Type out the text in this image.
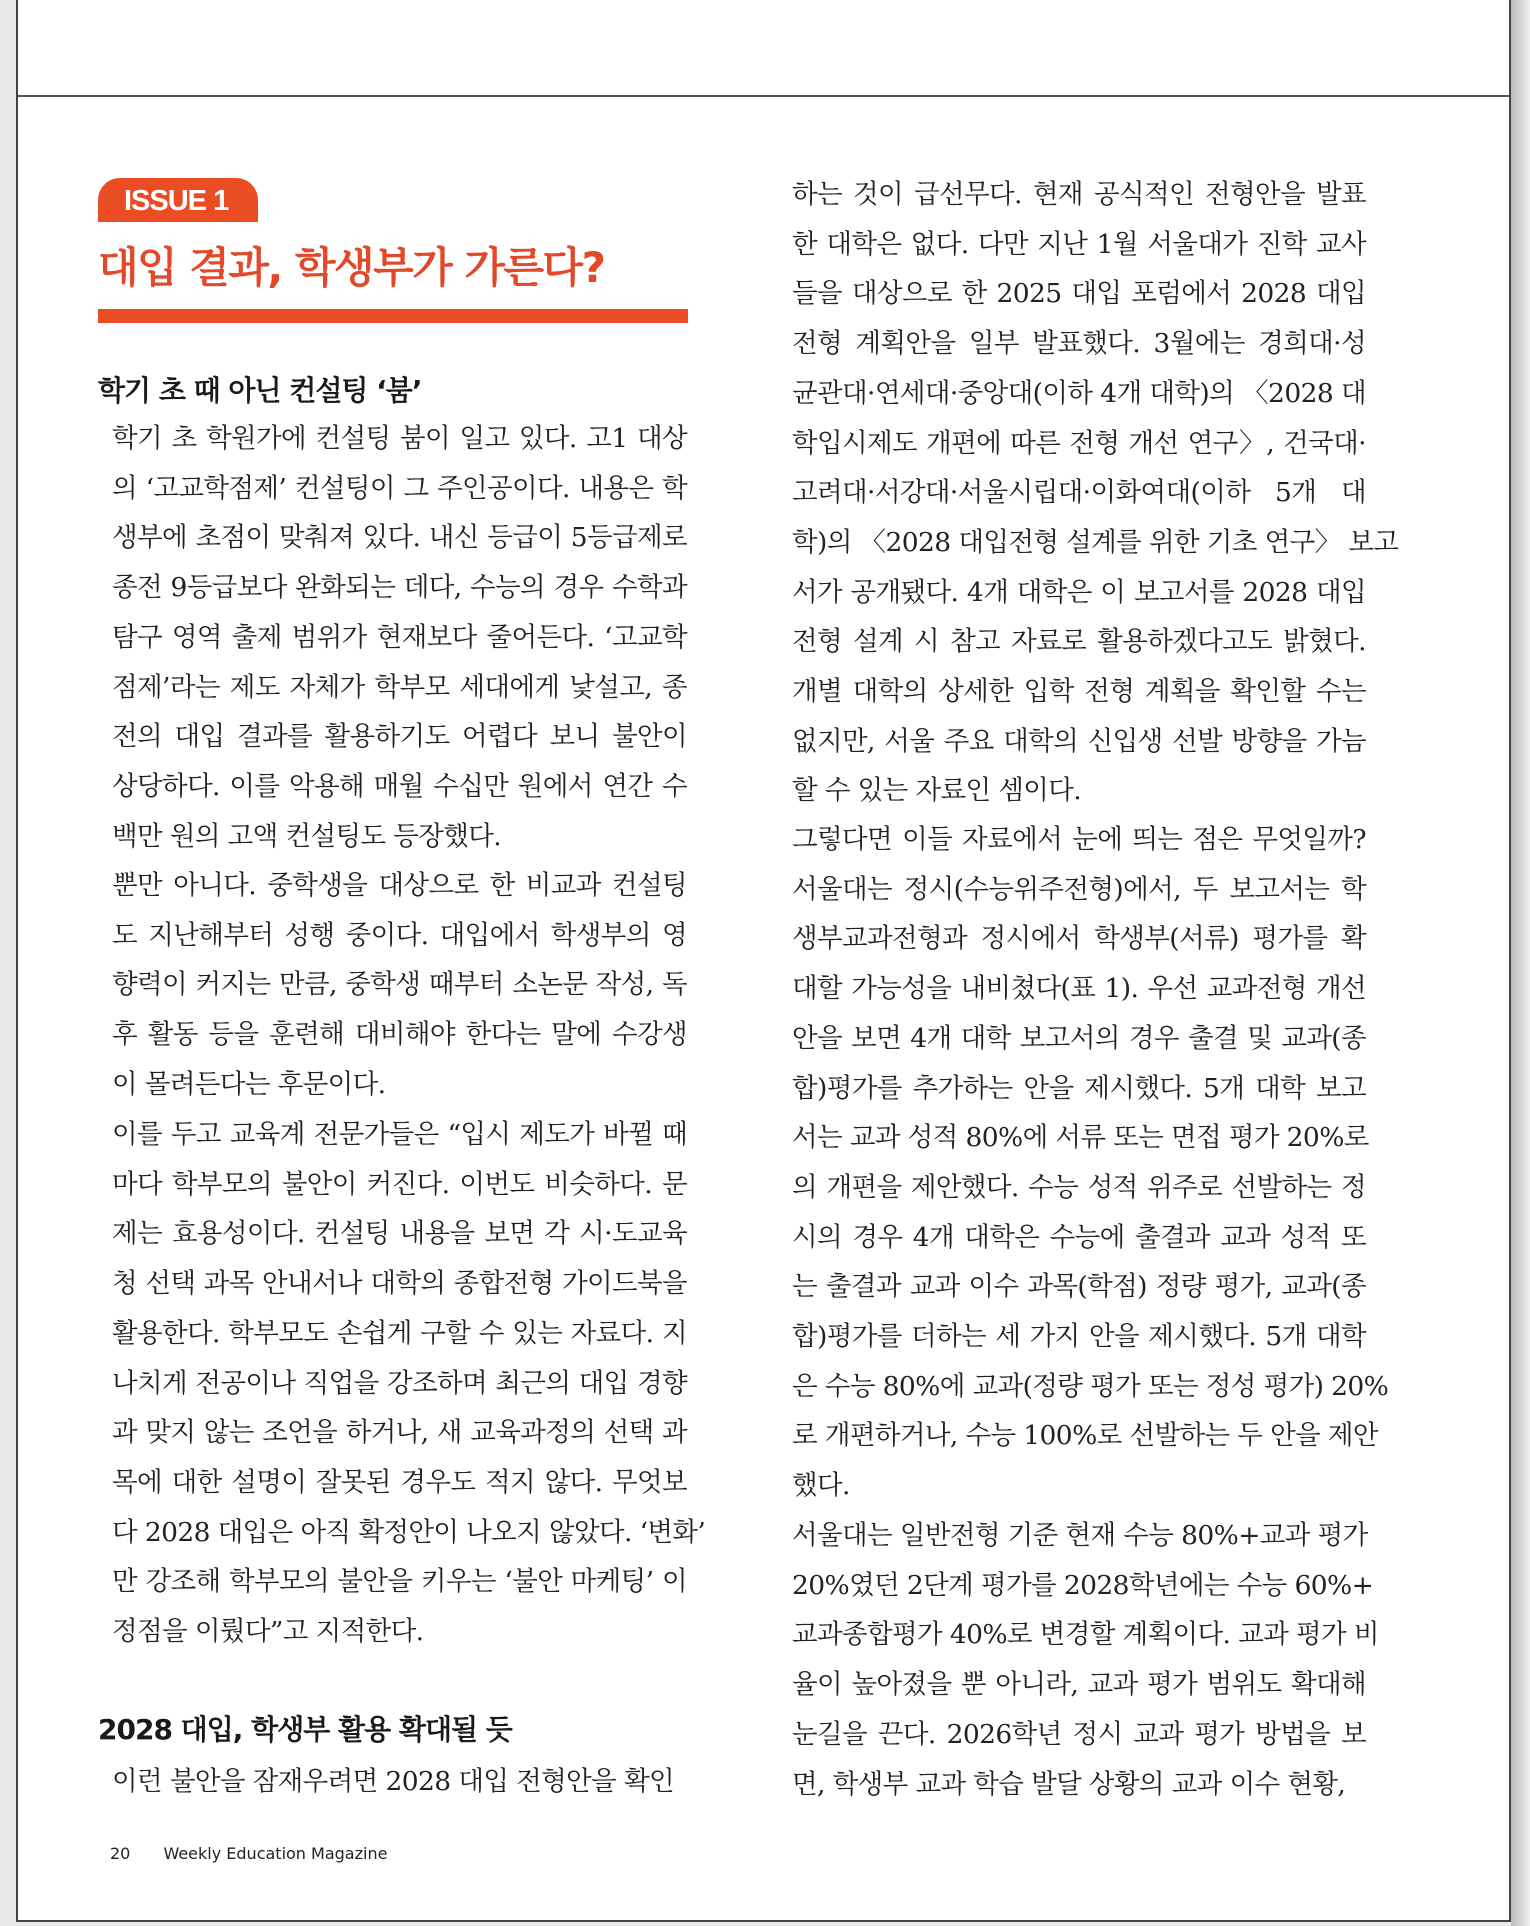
ISSUE 1
대입 결과, 학생부가 가른다?
학기 초 때 아닌 컨설팅 ‘붐’
학기 초 학원가에 컨설팅 붐이 일고 있다. 고1 대상
의 ‘고교학점제’ 컨설팅이 그 주인공이다. 내용은 학
생부에 초점이 맞춰져 있다. 내신 등급이 5등급제로
종전 9등급보다 완화되는 데다, 수능의 경우 수학과
탐구 영역 출제 범위가 현재보다 줄어든다. ‘고교학
점제’라는 제도 자체가 학부모 세대에게 낯설고, 종
전의 대입 결과를 활용하기도 어렵다 보니 불안이
상당하다. 이를 악용해 매월 수십만 원에서 연간 수
백만 원의 고액 컨설팅도 등장했다.
뿐만 아니다. 중학생을 대상으로 한 비교과 컨설팅
도 지난해부터 성행 중이다. 대입에서 학생부의 영
향력이 커지는 만큼, 중학생 때부터 소논문 작성, 독
후 활동 등을 훈련해 대비해야 한다는 말에 수강생
이 몰려든다는 후문이다.
이를 두고 교육계 전문가들은 “입시 제도가 바뀔 때
마다 학부모의 불안이 커진다. 이번도 비슷하다. 문
제는 효용성이다. 컨설팅 내용을 보면 각 시·도교육
청 선택 과목 안내서나 대학의 종합전형 가이드북을
활용한다. 학부모도 손쉽게 구할 수 있는 자료다. 지
나치게 전공이나 직업을 강조하며 최근의 대입 경향
과 맞지 않는 조언을 하거나, 새 교육과정의 선택 과
목에 대한 설명이 잘못된 경우도 적지 않다. 무엇보
다 2028 대입은 아직 확정안이 나오지 않았다. ‘변화’
만 강조해 학부모의 불안을 키우는 ‘불안 마케팅’ 이
정점을 이뤘다”고 지적한다.
2028 대입, 학생부 활용 확대될 듯
이런 불안을 잠재우려면 2028 대입 전형안을 확인
하는 것이 급선무다. 현재 공식적인 전형안을 발표
한 대학은 없다. 다만 지난 1월 서울대가 진학 교사
들을 대상으로 한 2025 대입 포럼에서 2028 대입
전형 계획안을 일부 발표했다. 3월에는 경희대·성
균관대·연세대·중앙대(이하 4개 대학)의 〈2028 대
학입시제도 개편에 따른 전형 개선 연구〉, 건국대·
고려대·서강대·서울시립대·이화여대(이하 5개 대
학)의 〈2028 대입전형 설계를 위한 기초 연구〉 보고
서가 공개됐다. 4개 대학은 이 보고서를 2028 대입
전형 설계 시 참고 자료로 활용하겠다고도 밝혔다.
개별 대학의 상세한 입학 전형 계획을 확인할 수는
없지만, 서울 주요 대학의 신입생 선발 방향을 가늠
할 수 있는 자료인 셈이다.
그렇다면 이들 자료에서 눈에 띄는 점은 무엇일까?
서울대는 정시(수능위주전형)에서, 두 보고서는 학
생부교과전형과 정시에서 학생부(서류) 평가를 확
대할 가능성을 내비쳤다(표 1). 우선 교과전형 개선
안을 보면 4개 대학 보고서의 경우 출결 및 교과(종
합)평가를 추가하는 안을 제시했다. 5개 대학 보고
서는 교과 성적 80%에 서류 또는 면접 평가 20%로
의 개편을 제안했다. 수능 성적 위주로 선발하는 정
시의 경우 4개 대학은 수능에 출결과 교과 성적 또
는 출결과 교과 이수 과목(학점) 정량 평가, 교과(종
합)평가를 더하는 세 가지 안을 제시했다. 5개 대학
은 수능 80%에 교과(정량 평가 또는 정성 평가) 20%
로 개편하거나, 수능 100%로 선발하는 두 안을 제안
했다.
서울대는 일반전형 기준 현재 수능 80%+교과 평가
20%였던 2단계 평가를 2028학년에는 수능 60%+
교과종합평가 40%로 변경할 계획이다. 교과 평가 비
율이 높아졌을 뿐 아니라, 교과 평가 범위도 확대해
눈길을 끈다. 2026학년 정시 교과 평가 방법을 보
면, 학생부 교과 학습 발달 상황의 교과 이수 현황,
20 Weekly Education Magazine
